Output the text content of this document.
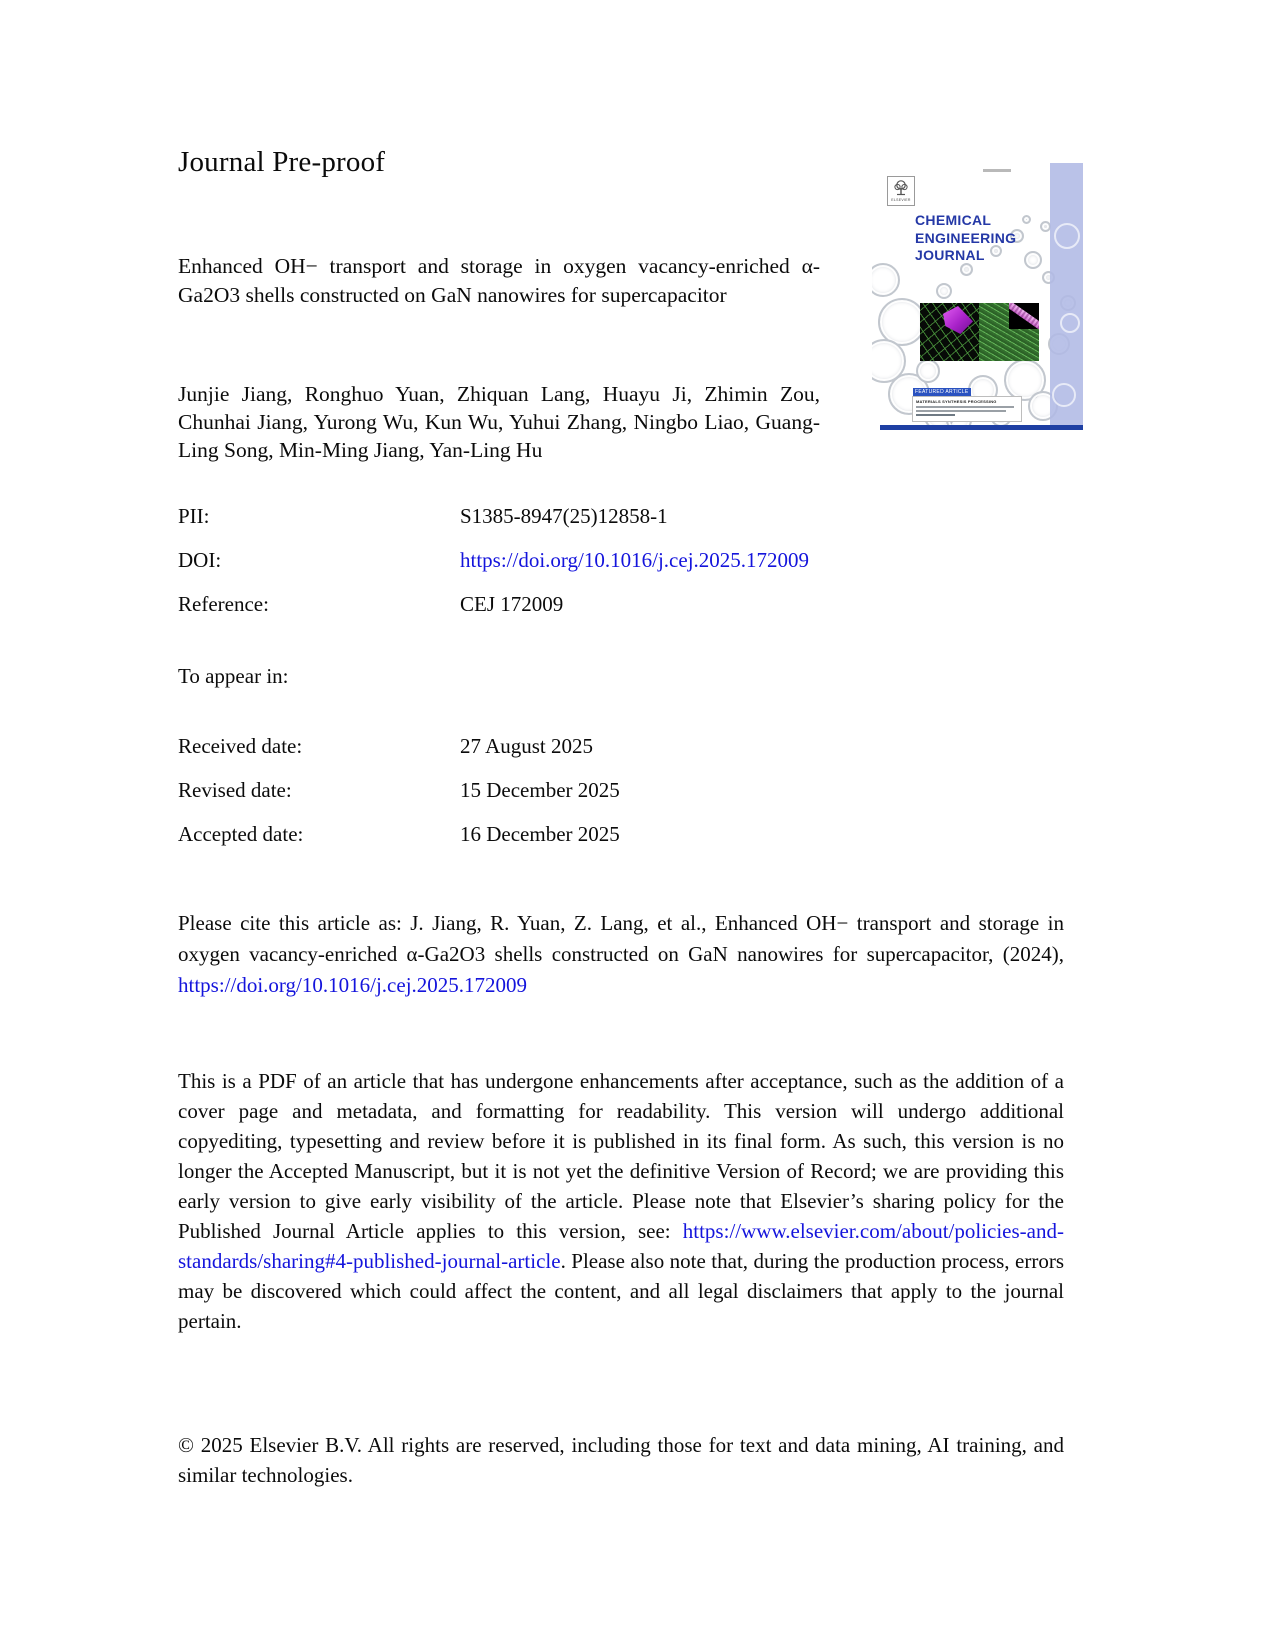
Journal Pre-proof
Enhanced OH− transport and storage in oxygen vacancy-enriched α-Ga2O3 shells constructed on GaN nanowires for supercapacitor
Junjie Jiang, Ronghuo Yuan, Zhiquan Lang, Huayu Ji, Zhimin Zou, Chunhai Jiang, Yurong Wu, Kun Wu, Yuhui Zhang, Ningbo Liao, Guang-Ling Song, Min-Ming Jiang, Yan-Ling Hu
PII:	S1385-8947(25)12858-1
DOI:	https://doi.org/10.1016/j.cej.2025.172009
Reference:	CEJ 172009
To appear in:
Received date:	27 August 2025
Revised date:	15 December 2025
Accepted date:	16 December 2025
Please cite this article as: J. Jiang, R. Yuan, Z. Lang, et al., Enhanced OH− transport and storage in oxygen vacancy-enriched α-Ga2O3 shells constructed on GaN nanowires for supercapacitor, (2024), https://doi.org/10.1016/j.cej.2025.172009
This is a PDF of an article that has undergone enhancements after acceptance, such as the addition of a cover page and metadata, and formatting for readability. This version will undergo additional copyediting, typesetting and review before it is published in its final form. As such, this version is no longer the Accepted Manuscript, but it is not yet the definitive Version of Record; we are providing this early version to give early visibility of the article. Please note that Elsevier’s sharing policy for the Published Journal Article applies to this version, see: https://www.elsevier.com/about/policies-and-standards/sharing#4-published-journal-article. Please also note that, during the production process, errors may be discovered which could affect the content, and all legal disclaimers that apply to the journal pertain.
© 2025 Elsevier B.V. All rights are reserved, including those for text and data mining, AI training, and similar technologies.
ELSEVIER
CHEMICAL
ENGINEERING
JOURNAL
FEATURED ARTICLE
MATERIALS SYNTHESIS PROCESSING
